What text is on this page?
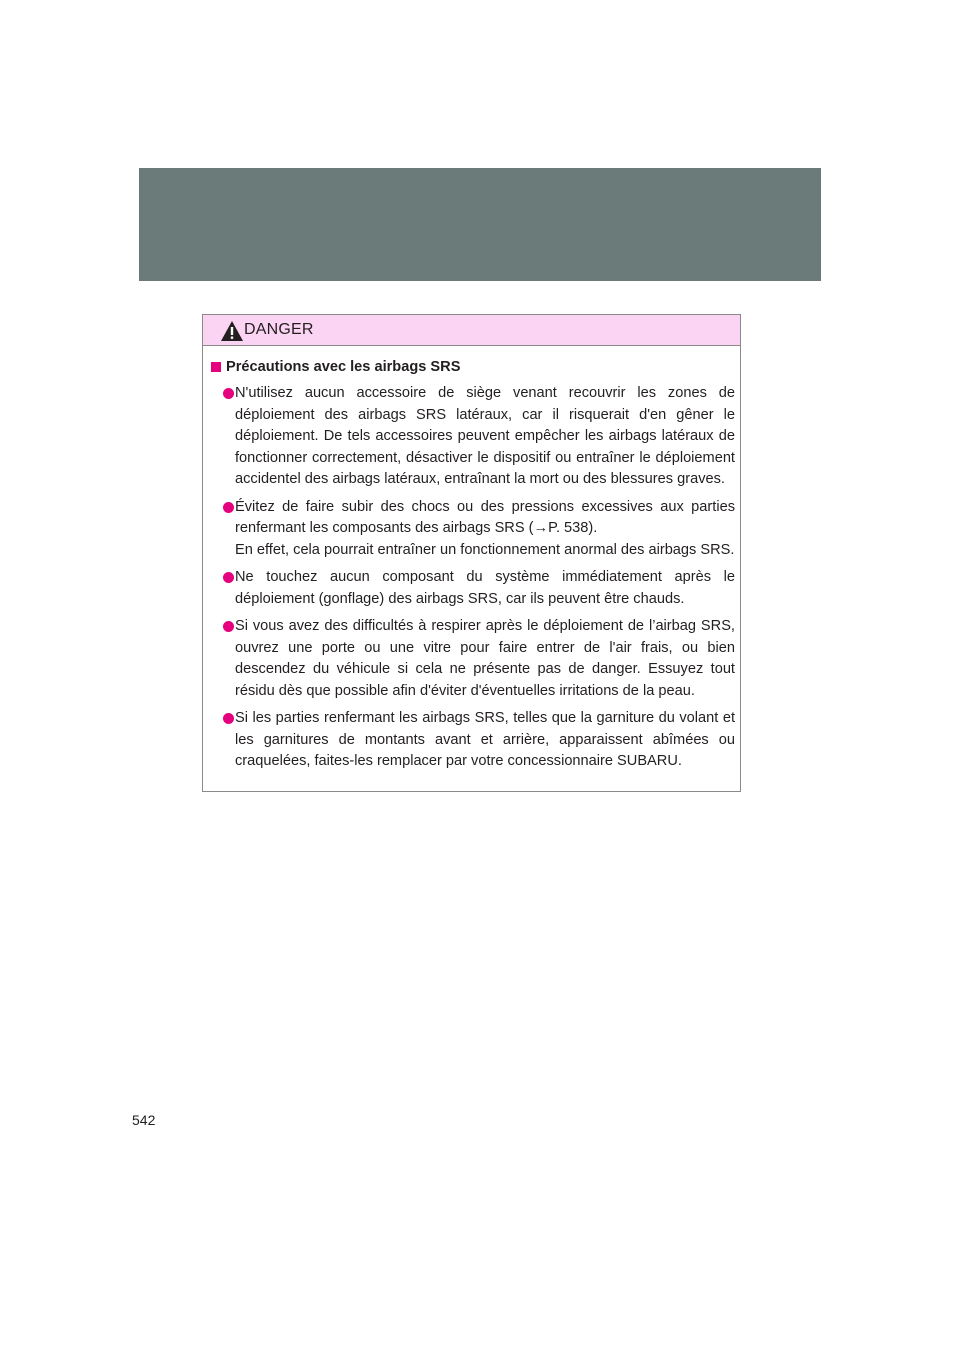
DANGER
Précautions avec les airbags SRS
N'utilisez aucun accessoire de siège venant recouvrir les zones de déploiement des airbags SRS latéraux, car il risquerait d'en gêner le déploiement. De tels accessoires peuvent empêcher les airbags latéraux de fonctionner correctement, désactiver le dispositif ou entraîner le déploiement accidentel des airbags latéraux, entraînant la mort ou des blessures graves.
Évitez de faire subir des chocs ou des pressions excessives aux parties renfermant les composants des airbags SRS (→P. 538).
En effet, cela pourrait entraîner un fonctionnement anormal des airbags SRS.
Ne touchez aucun composant du système immédiatement après le déploiement (gonflage) des airbags SRS, car ils peuvent être chauds.
Si vous avez des difficultés à respirer après le déploiement de l’airbag SRS, ouvrez une porte ou une vitre pour faire entrer de l'air frais, ou bien descendez du véhicule si cela ne présente pas de danger. Essuyez tout résidu dès que possible afin d'éviter d'éventuelles irritations de la peau.
Si les parties renfermant les airbags SRS, telles que la garniture du volant et les garnitures de montants avant et arrière, apparaissent abîmées ou craquelées, faites-les remplacer par votre concessionnaire SUBARU.
542
